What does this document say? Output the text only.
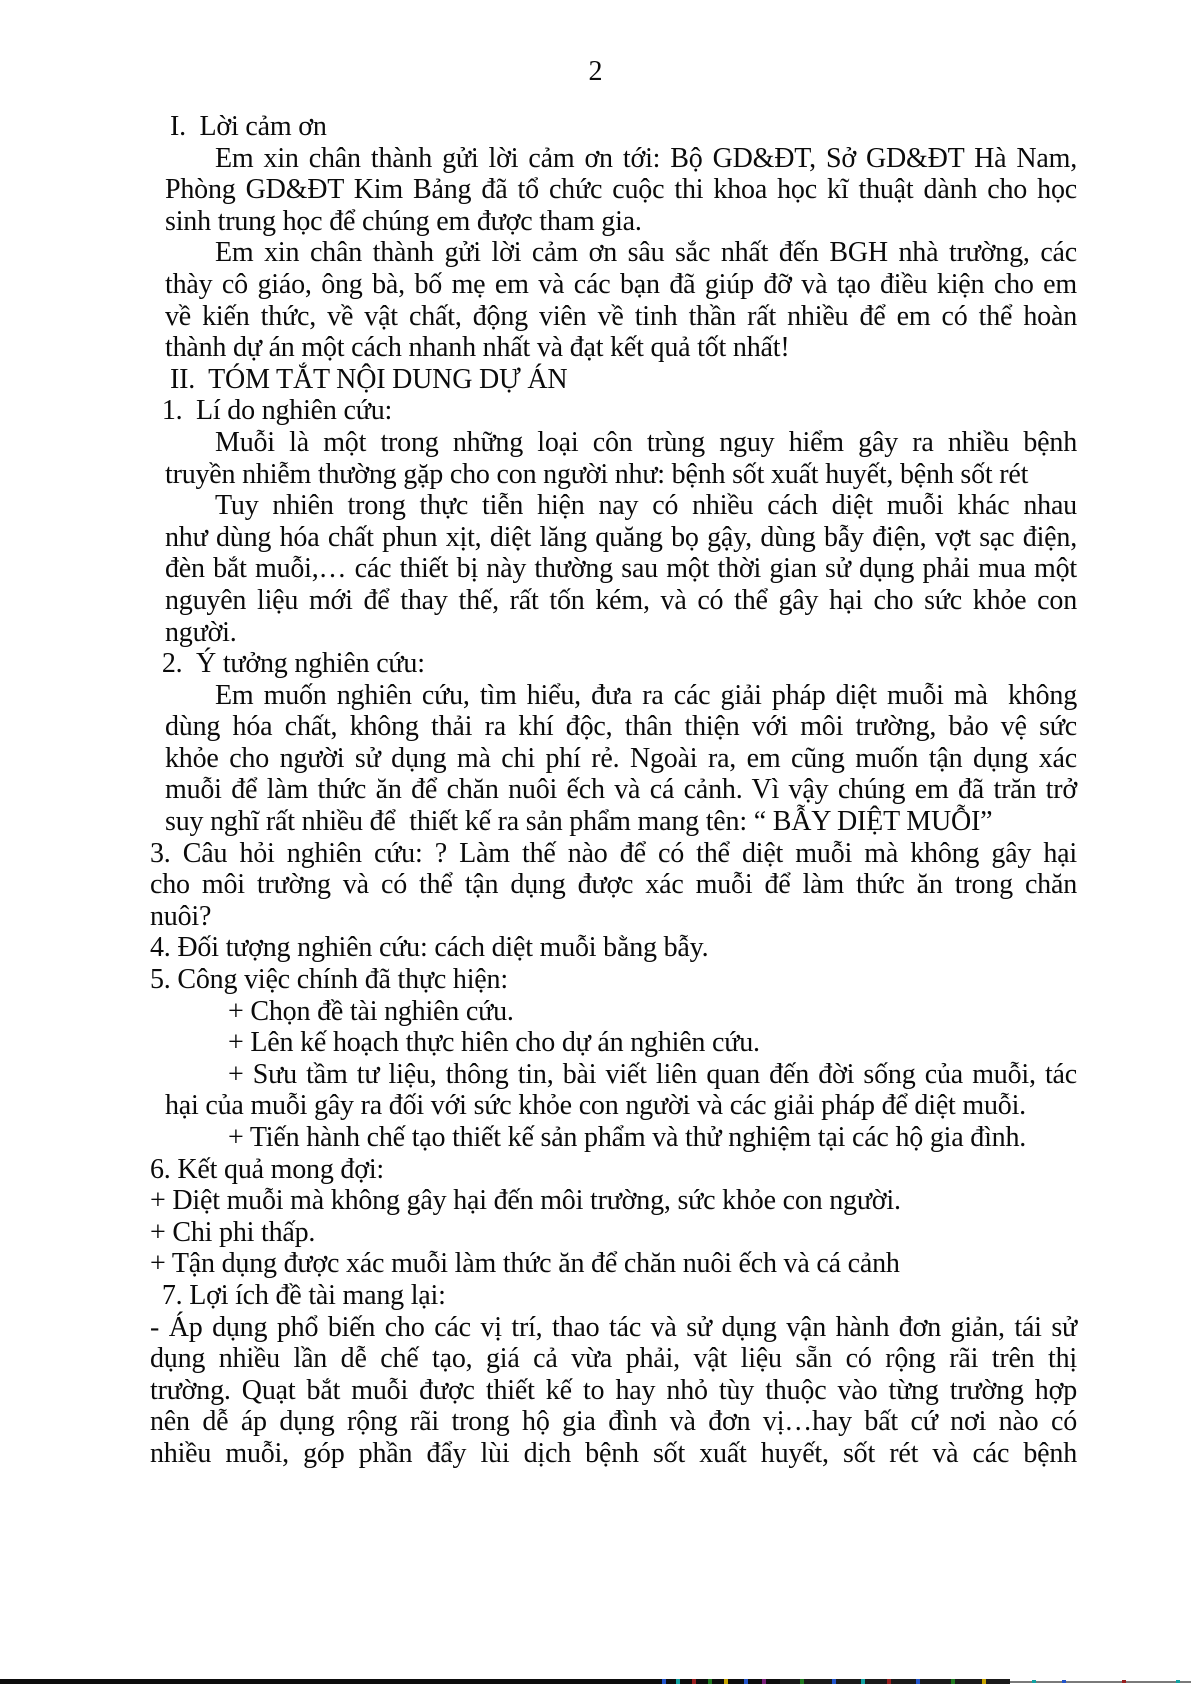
2
I.  Lời cảm ơn
Em xin chân thành gửi lời cảm ơn tới: Bộ GD&ĐT, Sở GD&ĐT Hà Nam,
Phòng GD&ĐT Kim Bảng đã tổ chức cuộc thi khoa học kĩ thuật dành cho học
sinh trung học để chúng em được tham gia.
Em xin chân thành gửi lời cảm ơn sâu sắc nhất đến BGH nhà trường, các
thày cô giáo, ông bà, bố mẹ em và các bạn đã giúp đỡ và tạo điều kiện cho em
về kiến thức, về vật chất, động viên về tinh thần rất nhiều để em có thể hoàn
thành dự án một cách nhanh nhất và đạt kết quả tốt nhất!
II.  TÓM TẮT NỘI DUNG DỰ ÁN
1.  Lí do nghiên cứu:
Muỗi là một trong những loại côn trùng nguy hiểm gây ra nhiều bệnh
truyền nhiễm thường gặp cho con người như: bệnh sốt xuất huyết, bệnh sốt rét
Tuy nhiên trong thực tiễn hiện nay có nhiều cách diệt muỗi khác nhau
như dùng hóa chất phun xịt, diệt lăng quăng bọ gậy, dùng bẫy điện, vợt sạc điện,
đèn bắt muỗi,… các thiết bị này thường sau một thời gian sử dụng phải mua một
nguyên liệu mới để thay thế, rất tốn kém, và có thể gây hại cho sức khỏe con
người.
2.  Ý tưởng nghiên cứu:
Em muốn nghiên cứu, tìm hiểu, đưa ra các giải pháp diệt muỗi mà  không
dùng hóa chất, không thải ra khí độc, thân thiện với môi trường, bảo vệ sức
khỏe cho người sử dụng mà chi phí rẻ. Ngoài ra, em cũng muốn tận dụng xác
muỗi để làm thức ăn để chăn nuôi ếch và cá cảnh. Vì vậy chúng em đã trăn trở
suy nghĩ rất nhiều để  thiết kế ra sản phẩm mang tên: “ BẪY DIỆT MUỖI”
3. Câu hỏi nghiên cứu: ? Làm thế nào để có thể diệt muỗi mà không gây hại
cho môi trường và có thể tận dụng được xác muỗi để làm thức ăn trong chăn
nuôi?
4. Đối tượng nghiên cứu: cách diệt muỗi bằng bẫy.
5. Công việc chính đã thực hiện:
+ Chọn đề tài nghiên cứu.
+ Lên kế hoạch thực hiên cho dự án nghiên cứu.
+ Sưu tầm tư liệu, thông tin, bài viết liên quan đến đời sống của muỗi, tác
hại của muỗi gây ra đối với sức khỏe con người và các giải pháp để diệt muỗi.
+ Tiến hành chế tạo thiết kế sản phẩm và thử nghiệm tại các hộ gia đình.
6. Kết quả mong đợi:
+ Diệt muỗi mà không gây hại đến môi trường, sức khỏe con người.
+ Chi phi thấp.
+ Tận dụng được xác muỗi làm thức ăn để chăn nuôi ếch và cá cảnh
7. Lợi ích đề tài mang lại:
- Áp dụng phổ biến cho các vị trí, thao tác và sử dụng vận hành đơn giản, tái sử
dụng nhiều lần dễ chế tạo, giá cả vừa phải, vật liệu sẵn có rộng rãi trên thị
trường. Quạt bắt muỗi được thiết kế to hay nhỏ tùy thuộc vào từng trường hợp
nên dễ áp dụng rộng rãi trong hộ gia đình và đơn vị…hay bất cứ nơi nào có
nhiều muỗi, góp phần đẩy lùi dịch bệnh sốt xuất huyết, sốt rét và các bệnh
